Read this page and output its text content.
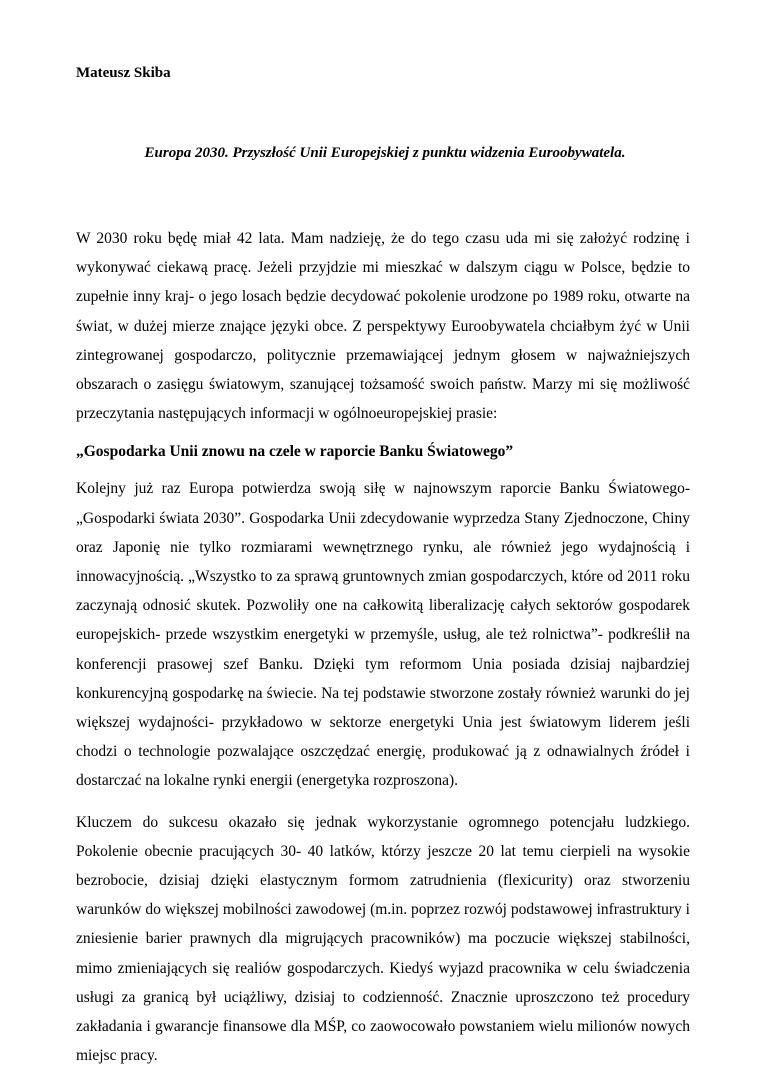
Mateusz Skiba

Europa 2030. Przyszłość Unii Europejskiej z punktu widzenia Euroobywatela.

W 2030 roku będę miał 42 lata. Mam nadzieję, że do tego czasu uda mi się założyć rodzinę i wykonywać ciekawą pracę. Jeżeli przyjdzie mi mieszkać w dalszym ciągu w Polsce, będzie to zupełnie inny kraj- o jego losach będzie decydować pokolenie urodzone po 1989 roku, otwarte na świat, w dużej mierze znające języki obce. Z perspektywy Euroobywatela chciałbym żyć w Unii zintegrowanej gospodarczo, politycznie przemawiającej jednym głosem w najważniejszych obszarach o zasięgu światowym, szanującej tożsamość swoich państw. Marzy mi się możliwość przeczytania następujących informacji w ogólnoeuropejskiej prasie:

„Gospodarka Unii znowu na czele w raporcie Banku Światowego”

Kolejny już raz Europa potwierdza swoją siłę w najnowszym raporcie Banku Światowego- „Gospodarki świata 2030”. Gospodarka Unii zdecydowanie wyprzedza Stany Zjednoczone, Chiny oraz Japonię nie tylko rozmiarami wewnętrznego rynku, ale również jego wydajnością i innowacyjnością. „Wszystko to za sprawą gruntownych zmian gospodarczych, które od 2011 roku zaczynają odnosić skutek. Pozwoliły one na całkowitą liberalizację całych sektorów gospodarek europejskich- przede wszystkim energetyki w przemyśle, usług, ale też rolnictwa”- podkreślił na konferencji prasowej szef Banku. Dzięki tym reformom Unia posiada dzisiaj najbardziej konkurencyjną gospodarkę na świecie. Na tej podstawie stworzone zostały również warunki do jej większej wydajności- przykładowo w sektorze energetyki Unia jest światowym liderem jeśli chodzi o technologie pozwalające oszczędzać energię, produkować ją z odnawialnych źródeł i dostarczać na lokalne rynki energii (energetyka rozproszona).

Kluczem do sukcesu okazało się jednak wykorzystanie ogromnego potencjału ludzkiego. Pokolenie obecnie pracujących 30- 40 latków, którzy jeszcze 20 lat temu cierpieli na wysokie bezrobocie, dzisiaj dzięki elastycznym formom zatrudnienia (flexicurity) oraz stworzeniu warunków do większej mobilności zawodowej (m.in. poprzez rozwój podstawowej infrastruktury i zniesienie barier prawnych dla migrujących pracowników) ma poczucie większej stabilności, mimo zmieniających się realiów gospodarczych. Kiedyś wyjazd pracownika w celu świadczenia usługi za granicą był uciążliwy, dzisiaj to codzienność. Znacznie uproszczono też procedury zakładania i gwarancje finansowe dla MŚP, co zaowocowało powstaniem wielu milionów nowych miejsc pracy.
